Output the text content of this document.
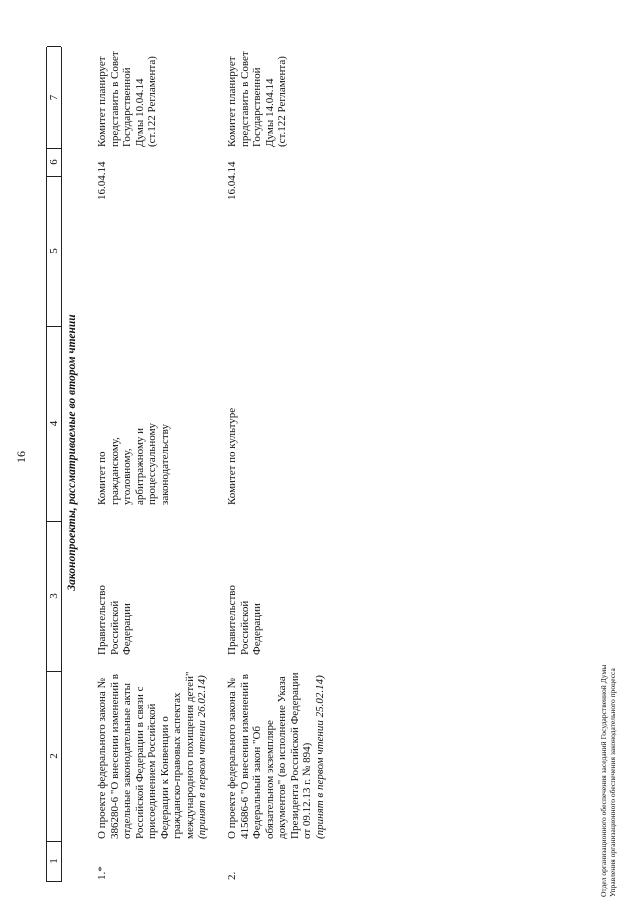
16
1
2
3
4
5
6
7
Законопроекты, рассматриваемые во втором чтении
1.*
О проекте федерального закона № 386280-6 "О внесении изменений в отдельные законодательные акты Российской Федерации в связи с присоединением Российской Федерации к Конвенции о гражданско-правовых аспектах международного похищения детей"
(принят в первом чтении 26.02.14)
Правительство Российской Федерации
Комитет по гражданскому, уголовному, арбитражному и процессуальному законодательству
16.04.14
Комитет планирует представить в Совет Государственной Думы 10.04.14 (ст.122 Регламента)
2.
О проекте федерального закона № 415686-6 "О внесении изменений в Федеральный закон "Об обязательном экземпляре документов" (во исполнение Указа Президента Российской Федерации от 09.12.13 г. № 894)
(принят в первом чтении 25.02.14)
Правительство Российской Федерации
Комитет по культуре
16.04.14
Комитет планирует представить в Совет Государственной Думы 14.04.14 (ст.122 Регламента)
Отдел организационного обеспечения заседаний Государственной Думы Управления организационного обеспечения законодательного процесса
